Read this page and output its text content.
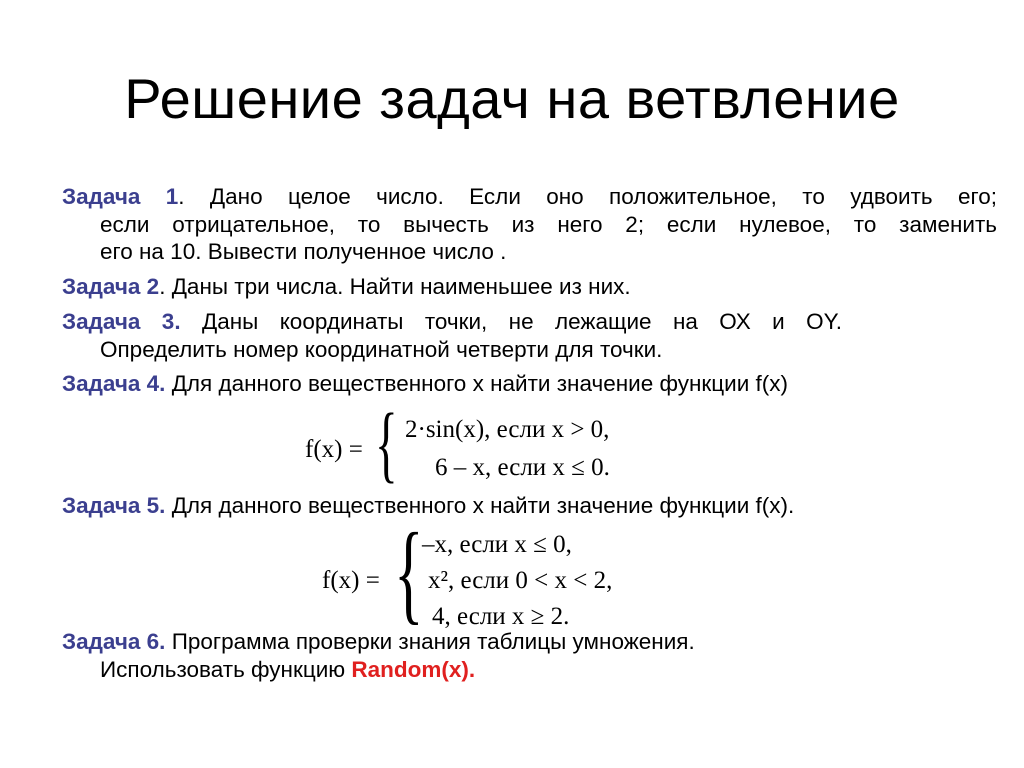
Решение задач на ветвление
Задача 1. Дано целое число. Если оно положительное, то удвоить его;
если отрицательное, то вычесть из него 2; если нулевое, то заменить
его на 10. Вывести полученное число .
Задача 2. Даны три числа. Найти наименьшее из них.
Задача 3. Даны координаты точки, не лежащие на ОХ и OY.
Определить номер координатной четверти для точки.
Задача 4. Для данного вещественного x найти значение функции f(x)
f(x) = { 2·sin(x), если x > 0,
6 – x, если x ≤ 0.
Задача 5. Для данного вещественного x найти значение функции f(x).
f(x) = {
–x, если x ≤ 0,
x², если 0 < x < 2,
4, если x ≥ 2.
Задача 6. Программа проверки знания таблицы умножения.
Использовать функцию Random(x).
